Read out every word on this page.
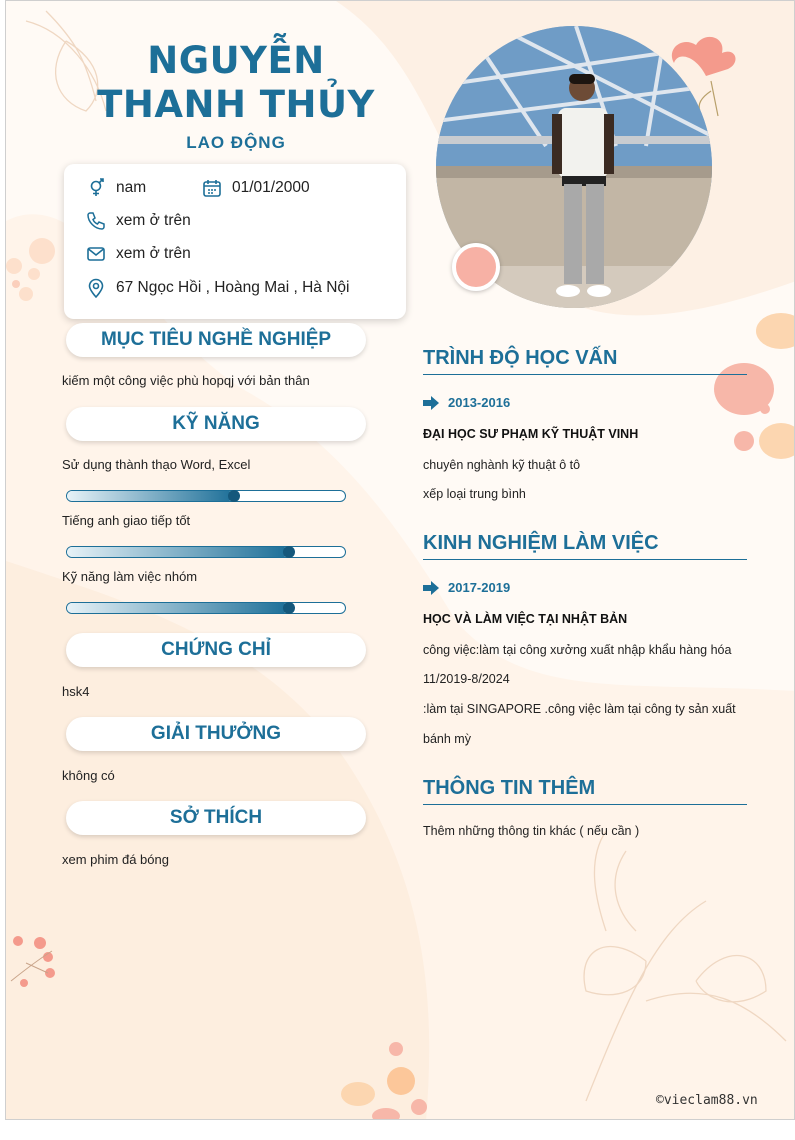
NGUYỄN THANH THỦY
LAO ĐỘNG
nam	01/01/2000
xem ở trên
xem ở trên
67 Ngọc Hồi , Hoàng Mai , Hà Nội
MỤC TIÊU NGHỀ NGHIỆP
kiếm một công việc phù hopqj với bản thân
KỸ NĂNG
Sử dụng thành thạo Word, Excel
Tiếng anh giao tiếp tốt
Kỹ năng làm việc nhóm
CHỨNG CHỈ
hsk4
GIẢI THƯỞNG
không có
SỞ THÍCH
xem phim đá bóng
TRÌNH ĐỘ HỌC VẤN
2013-2016
ĐẠI HỌC SƯ PHẠM KỸ THUẬT VINH
chuyên nghành kỹ thuật ô tô
xếp loại trung bình
KINH NGHIỆM LÀM VIỆC
2017-2019
HỌC VÀ LÀM VIỆC TẠI NHẬT BẢN
công việc:làm tại công xưởng xuất nhập khẩu hàng hóa
11/2019-8/2024
:làm tại SINGAPORE .công việc làm tại công ty sản xuất
bánh mỳ
THÔNG TIN THÊM
Thêm những thông tin khác ( nếu cần )
©vieclam88.vn
